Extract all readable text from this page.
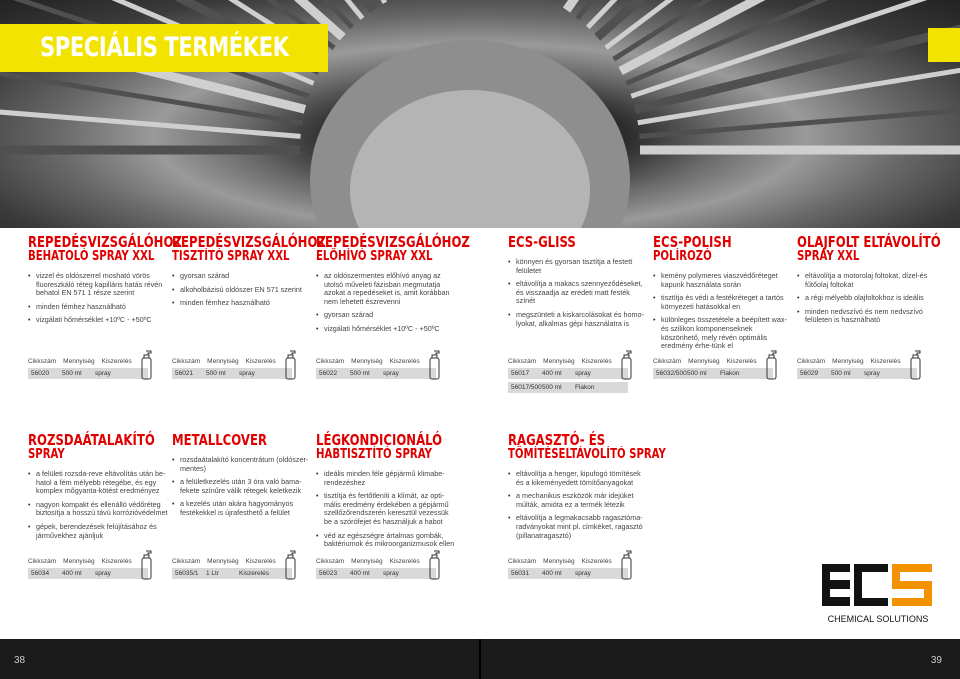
SPECIÁLIS TERMÉKEK
REPEDÉSVIZSGÁLÓHOZ
BEHATOLÓ SPRAY XXL
• vizzel és oldószerrel mosható vörös fluoreszkáló réteg kapilláris hatás révén behatol EN 571 1 része szerint
• minden fémhez használható
• vizgálati hőmérséklet +10ºC - +50ºC
Cikkszám Mennyiség Kiszerelés
56020 500 ml spray
REPEDÉSVIZSGÁLÓHOZ
TISZTÍTÓ SPRAY XXL
• gyorsan szárad
• alkoholbázisú oldószer EN 571 szerint
• minden fémhez használható
Cikkszám Mennyiség Kiszerelés
56021 500 ml spray
REPEDÉSVIZSGÁLÓHOZ
ELŐHÍVÓ SPRAY XXL
• az oldószermentes előhívó anyag az utolsó műveleti fázisban megmutatja azokat a repedéseket is, amit korábban nem lehetett észrevenni
• gyorsan szárad
• vizgálati hőmérséklet +10ºC - +50ºC
Cikkszám Mennyiség Kiszerelés
56022 500 ml spray
ECS-GLISS
• könnyen és gyorsan tisztítja a festett felületet
• eltávolítja a makacs szennyeződéseket, és visszaadja az eredeti matt festék színét
• megszünteti a kiskarcolásokat és homo-lyokat, alkalmas gépi használatra is
Cikkszám Mennyiség Kiszerelés
56017 400 ml spray
56017/500500 ml Flakon
ECS-POLISH
POLÍROZÓ
• kemény polymeres viaszvédőréteget kapunk használata során
• tisztítja és védi a festékréteget a tartós környezeti hatásokkal en
• különleges összetétele a beépített wax-és szilikon komponenseknek köszönhető, mely révén optimális eredmény érhe-tünk el
Cikkszám Mennyiség Kiszerelés
56032/500500 ml Flakon
OLAJFOLT ELTÁVOLÍTÓ
SPRAY XXL
• eltávolítja a motorolaj foltokat, dízel-és fűtőolaj foltokat
• a régi mélyebb olajfoltokhoz is ideális
• minden nedvszívó és nem nedvszívó felületen is használható
Cikkszám Mennyiség Kiszerelés
56029 500 ml spray
ROZSDAÁTALAKÍTÓ
SPRAY
• a felületi rozsda-reve eltávolítás után be-hatol a fém mélyebb rétegébe, és egy komplex mőgyanta-kötést eredményez
• nagyon kompakt és ellenálló védőréteg biztosítja a hosszú távú korrózióvédelmet
• gépek, berendezések felújításához és járművekhez ajánljuk
Cikkszám Mennyiség Kiszerelés
56034 400 ml spray
METALLCOVER
• rozsdaátalakító koncentrátum (oldószer-mentes)
• a felületkezelés után 3 óra való bama-fekete színűre válik rétegek keletkezik
• a kezelés után akára hagyományos festékekkel is újrafesthető a felület
Cikkszám Mennyiség Kiszerelés
56035/1 1 Ltr	Kiszerelés
LÉGKONDICIONÁLÓ
HABTISZTÍTÓ SPRAY
• ideális minden féle gépjármű klimabe-rendezéshez
• tisztítja és fertőtleníti a klímát, az opti-mális eredmény érdekében a gépjármű szellőzőrendszerén keresztül vezessük be a szórófejet és használjuk a habot
• véd az egészségre ártalmas gombák, baktériumok és mikroorganizmusok ellen
Cikkszám Mennyiség Kiszerelés
56023 400 ml spray
RAGASZTÓ- ÉS
TÖMÍTÉSELTÁVOLÍTÓ SPRAY
• eltávolítja a henger, kipufogó tömítések és a kikeményedett tömítőanyagokat
• a mechanikus eszközök már idejüket múlták, amióta ez a termék létezik
• eltávolítja a legmakacsabb ragasztóma-radványokat mint pl. címkéket, ragasztó (pillanatragasztó)
Cikkszám Mennyiség Kiszerelés
56031 400 ml spray
CHEMICAL SOLUTIONS
38	39
